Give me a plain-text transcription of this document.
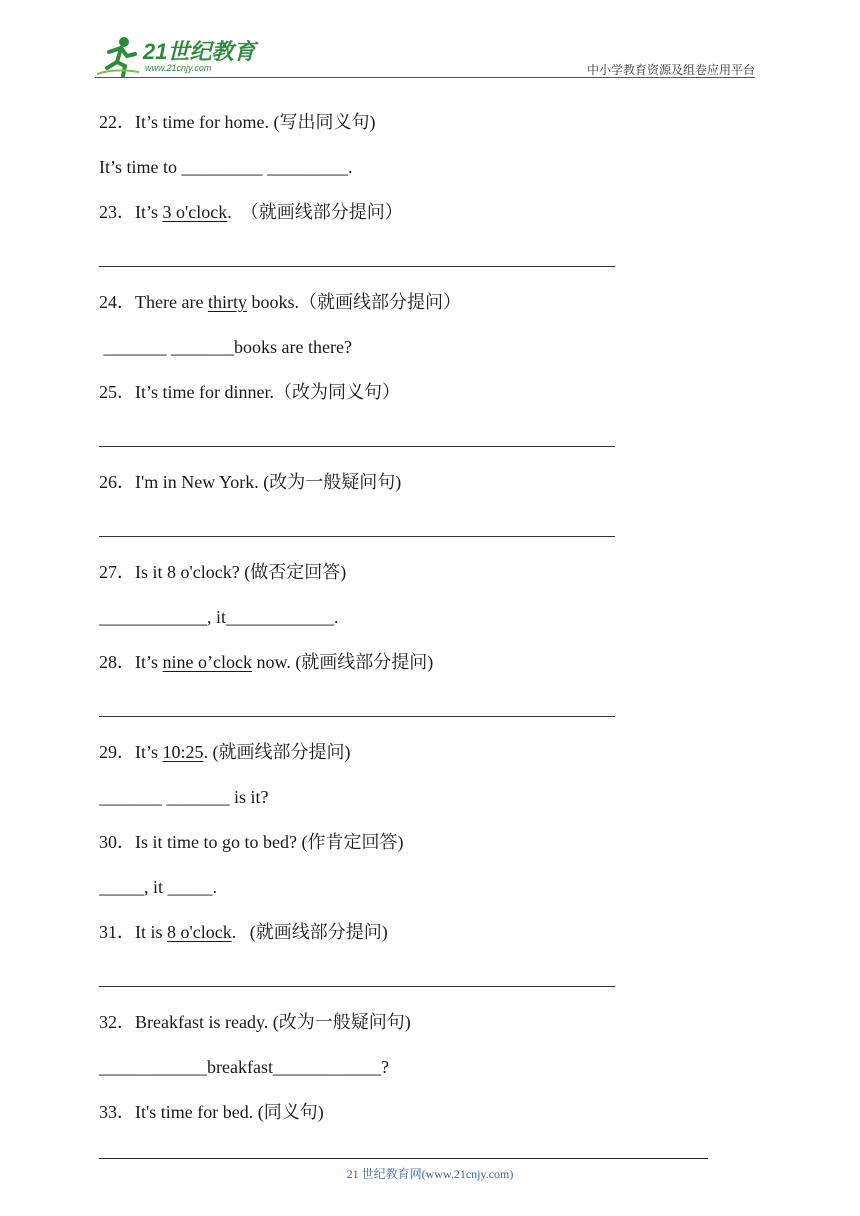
21世纪教育
www.21cnjy.com	中小学教育资源及组卷应用平台
22．It’s time for home. (写出同义句)
It’s time to _________ _________.
23．It’s 3 o'clock.  （就画线部分提问）
24．There are thirty books.（就画线部分提问）
_______ _______books are there?
25．It’s time for dinner.（改为同义句）
26．I'm in New York. (改为一般疑问句)
27．Is it 8 o'clock? (做否定回答)
____________, it____________.
28．It’s nine o’clock now. (就画线部分提问)
29．It’s 10:25. (就画线部分提问)
_______ _______ is it?
30．Is it time to go to bed? (作肯定回答)
_____, it _____.
31．It is 8 o'clock.   (就画线部分提问)
32．Breakfast is ready. (改为一般疑问句)
____________breakfast____________?
33．It's time for bed. (同义句)
21 世纪教育网(www.21cnjy.com)
